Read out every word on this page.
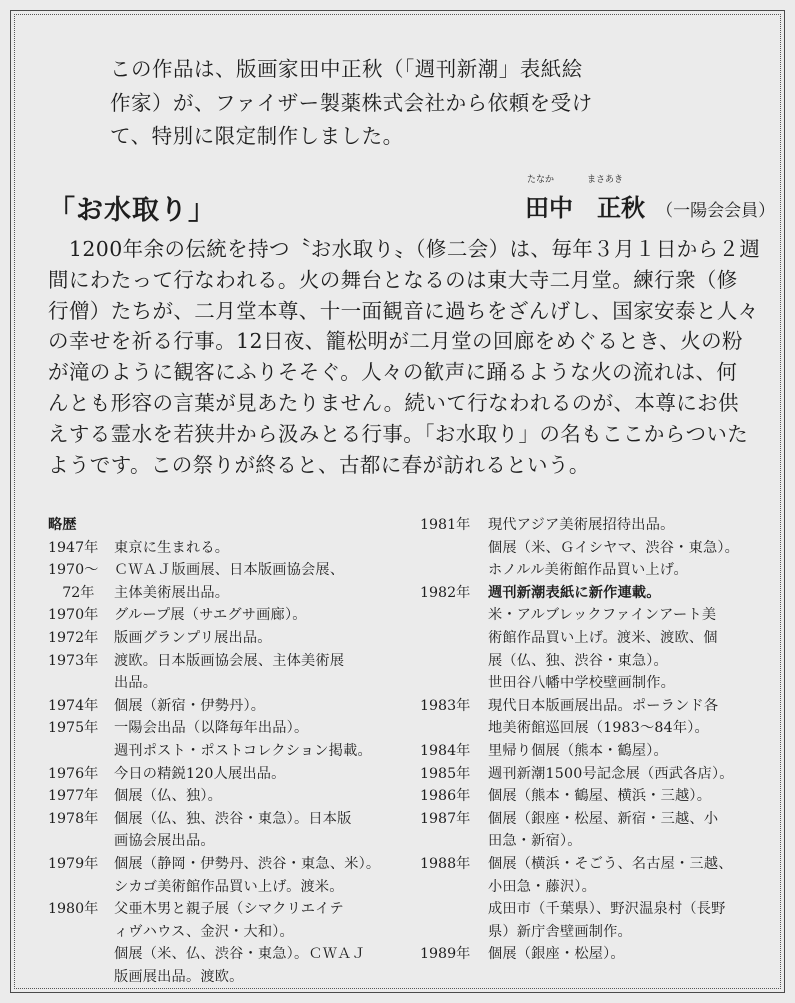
この作品は、版画家田中正秋（「週刊新潮」表紙絵
作家）が、ファイザー製薬株式会社から依頼を受け
て、特別に限定制作しました。
「お水取り」
たなか	まさあき
田中　正秋 （一陽会会員）
　1200年余の伝統を持つ〝お水取り〟（修二会）は、毎年３月１日から２週
間にわたって行なわれる。火の舞台となるのは東大寺二月堂。練行衆（修
行僧）たちが、二月堂本尊、十一面観音に過ちをざんげし、国家安泰と人々
の幸せを祈る行事。12日夜、籠松明が二月堂の回廊をめぐるとき、火の粉
が滝のように観客にふりそそぐ。人々の歓声に踊るような火の流れは、何
んとも形容の言葉が見あたりません。続いて行なわれるのが、本尊にお供
えする霊水を若狭井から汲みとる行事。「お水取り」の名もここからついた
ようです。この祭りが終ると、古都に春が訪れるという。
略歴
1947年	東京に生まれる。
1970〜	ＣＷＡＪ版画展、日本版画協会展、
　72年	主体美術展出品。
1970年	グループ展（サエグサ画廊）。
1972年	版画グランプリ展出品。
1973年	渡欧。日本版画協会展、主体美術展
出品。
1974年	個展（新宿・伊勢丹）。
1975年	一陽会出品（以降毎年出品）。
週刊ポスト・ポストコレクション掲載。
1976年	今日の精鋭120人展出品。
1977年	個展（仏、独）。
1978年	個展（仏、独、渋谷・東急）。日本版
画協会展出品。
1979年	個展（静岡・伊勢丹、渋谷・東急、米）。
シカゴ美術館作品買い上げ。渡米。
1980年	父亜木男と親子展（シマクリエイテ
ィヴハウス、金沢・大和）。
個展（米、仏、渋谷・東急）。ＣＷＡＪ
版画展出品。渡欧。
1981年	現代アジア美術展招待出品。
個展（米、Ｇイシヤマ、渋谷・東急）。
ホノルル美術館作品買い上げ。
1982年	週刊新潮表紙に新作連載。
米・アルブレックファインアート美
術館作品買い上げ。渡米、渡欧、個
展（仏、独、渋谷・東急）。
世田谷八幡中学校壁画制作。
1983年	現代日本版画展出品。ポーランド各
地美術館巡回展（1983〜84年）。
1984年	里帰り個展（熊本・鶴屋）。
1985年	週刊新潮1500号記念展（西武各店）。
1986年	個展（熊本・鶴屋、横浜・三越）。
1987年	個展（銀座・松屋、新宿・三越、小
田急・新宿）。
1988年	個展（横浜・そごう、名古屋・三越、
小田急・藤沢）。
成田市（千葉県）、野沢温泉村（長野
県）新庁舎壁画制作。
1989年	個展（銀座・松屋）。
